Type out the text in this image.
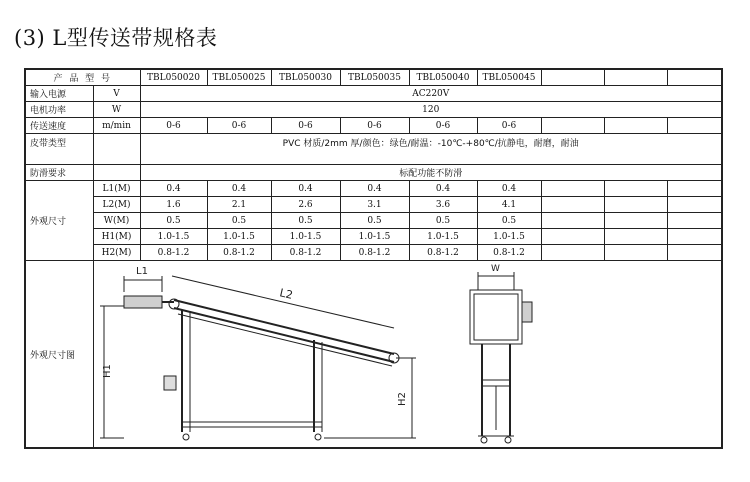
(3) L型传送带规格表
产 品 型 号		TBL050020	TBL050025	TBL050030	TBL050035	TBL050040	TBL050045			
输入电源	V	AC220V								
电机功率	W	120								
传送速度	m/min	0-6	0-6	0-6	0-6	0-6	0-6			
皮带类型		PVC 材质/2mm 厚/颜色：绿色/耐温：-10℃-+80℃/抗静电，耐磨，耐油								
防滑要求		标配功能不防滑								
外观尺寸	L1(M)	0.4	0.4	0.4	0.4	0.4	0.4			
	L2(M)	1.6	2.1	2.6	3.1	3.6	4.1			
	W(M)	0.5	0.5	0.5	0.5	0.5	0.5			
	H1(M)	1.0-1.5	1.0-1.5	1.0-1.5	1.0-1.5	1.0-1.5	1.0-1.5			
	H2(M)	0.8-1.2	0.8-1.2	0.8-1.2	0.8-1.2	0.8-1.2	0.8-1.2			
外观尺寸图	L1
L2
H1
H2
W									
